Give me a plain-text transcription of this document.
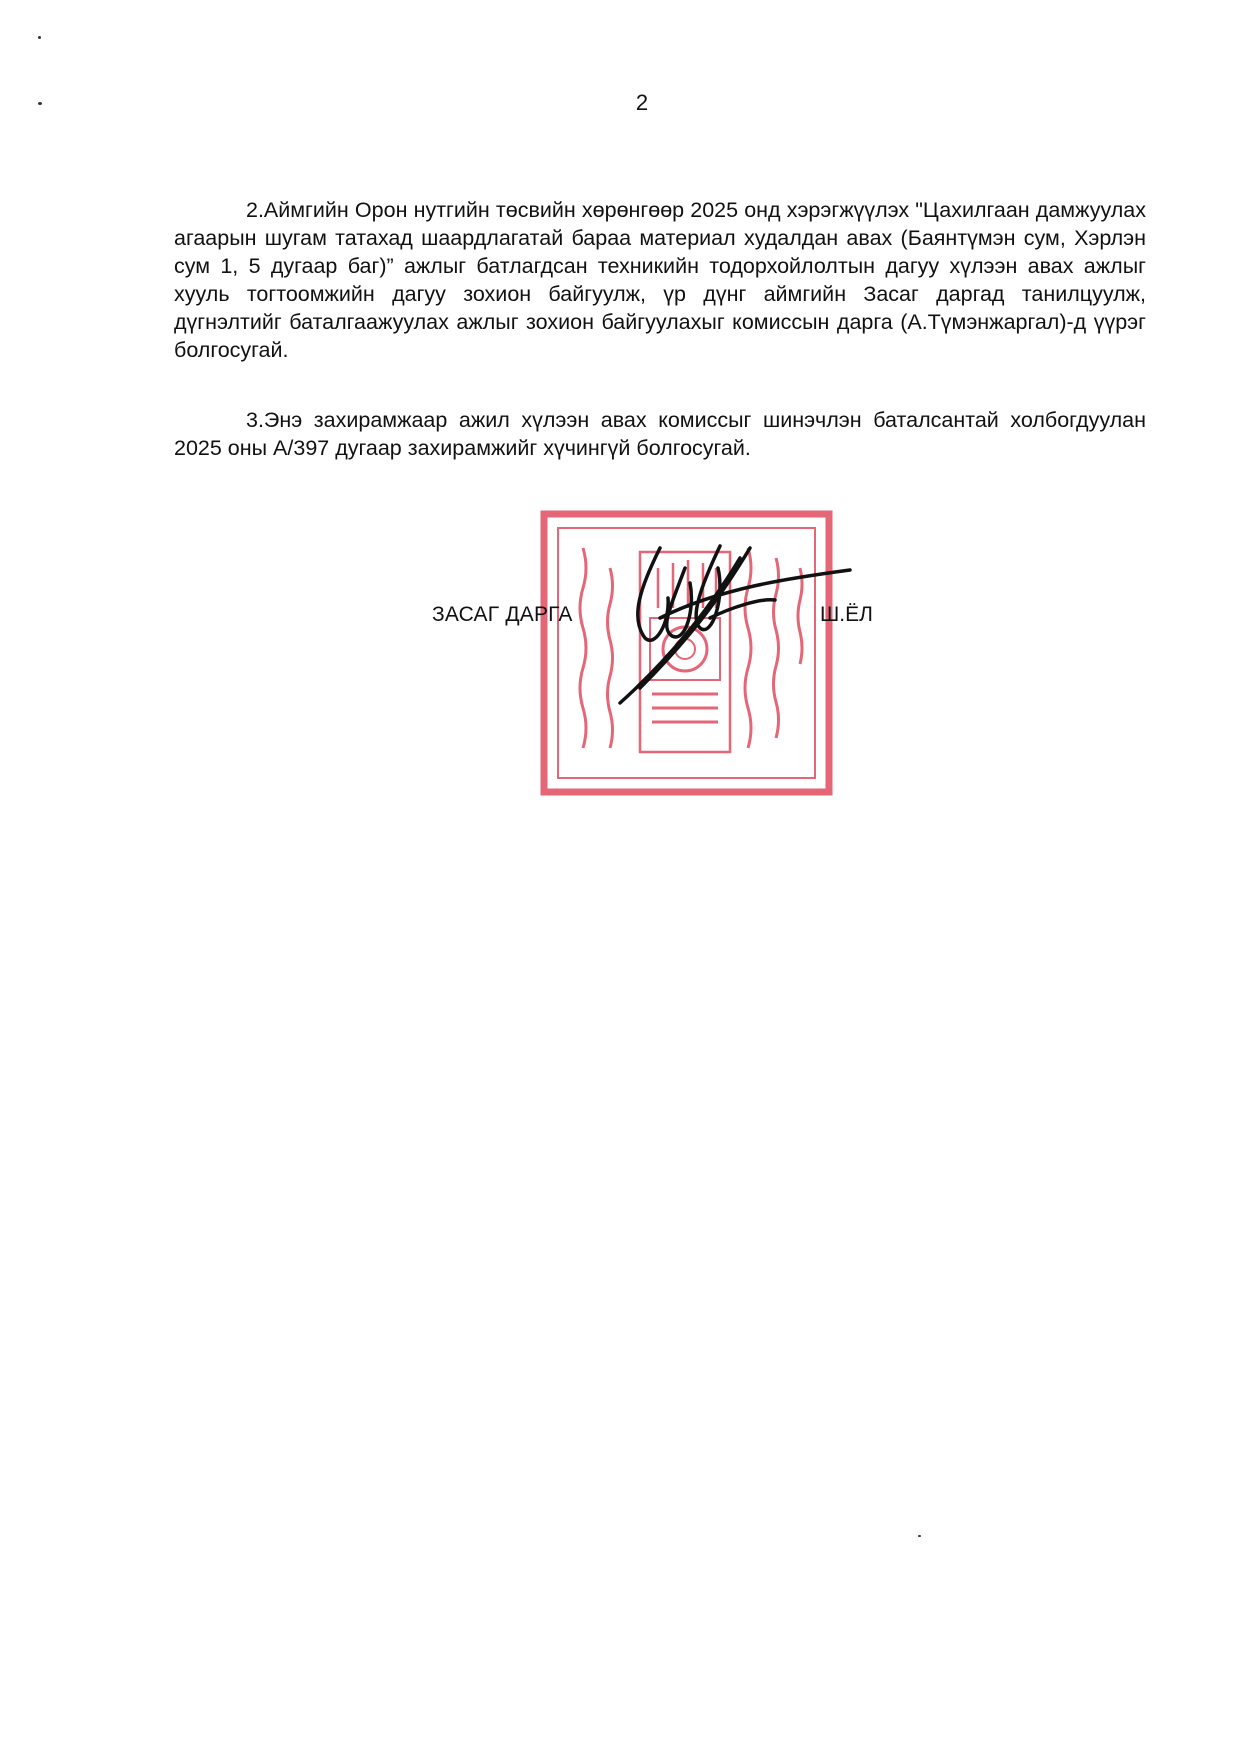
2

2.Аймгийн Орон нутгийн төсвийн хөрөнгөөр 2025 онд хэрэгжүүлэх "Цахилгаан дамжуулах агаарын шугам татахад шаардлагатай бараа материал худалдан авах (Баянтүмэн сум, Хэрлэн сум 1, 5 дугаар баг)” ажлыг батлагдсан техникийн тодорхойлолтын дагуу хүлээн авах ажлыг хууль тогтоомжийн дагуу зохион байгуулж, үр дүнг аймгийн Засаг даргад танилцуулж, дүгнэлтийг баталгаажуулах ажлыг зохион байгуулахыг комиссын дарга (А.Түмэнжаргал)-д үүрэг болгосугай.

3.Энэ захирамжаар ажил хүлээн авах комиссыг шинэчлэн баталсантай холбогдуулан 2025 оны А/397 дугаар захирамжийг хүчингүй болгосугай.

ЗАСАГ ДАРГА	Ш.ЁЛ
